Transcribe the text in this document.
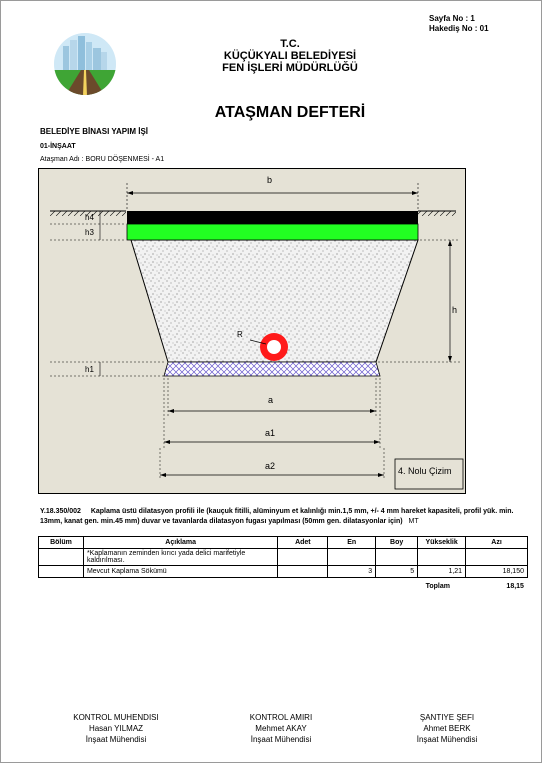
Sayfa No : 1
Hakediş No : 01
T.C.
KÜÇÜKYALI BELEDİYESİ
FEN İŞLERİ MÜDÜRLÜĞÜ
ATAŞMAN DEFTERİ
BELEDİYE BİNASI YAPIM İŞİ
01-İNŞAAT
Ataşman Adı : BORU DÖŞENMESİ - A1
b
h4
h3
h
h1
R
a
a1
a2	4. Nolu Çizim
Y.18.350/002 Kaplama üstü dilatasyon profili ile (kauçuk fitilli, alüminyum et kalınlığı min.1,5 mm, +/- 4 mm hareket kapasiteli, profil yük. min. 13mm, kanat gen. min.45 mm) duvar ve tavanlarda dilatasyon fugası yapılması (50mm gen. dilatasyonlar için) MT
Bölüm	Açıklama	Adet	En	Boy	Yükseklik	Azı
	*Kaplamanın zeminden kırıcı yada delici marifetiyle kaldırılması.					
	Mevcut Kaplama Sökümü		3	5	1,21	18,150
Toplam	18,15
KONTROL MUHENDISI
Hasan YILMAZ
İnşaat Mühendisi
KONTROL AMIRI
Mehmet AKAY
İnşaat Mühendisi
ŞANTIYE ŞEFI
Ahmet BERK
İnşaat Mühendisi
